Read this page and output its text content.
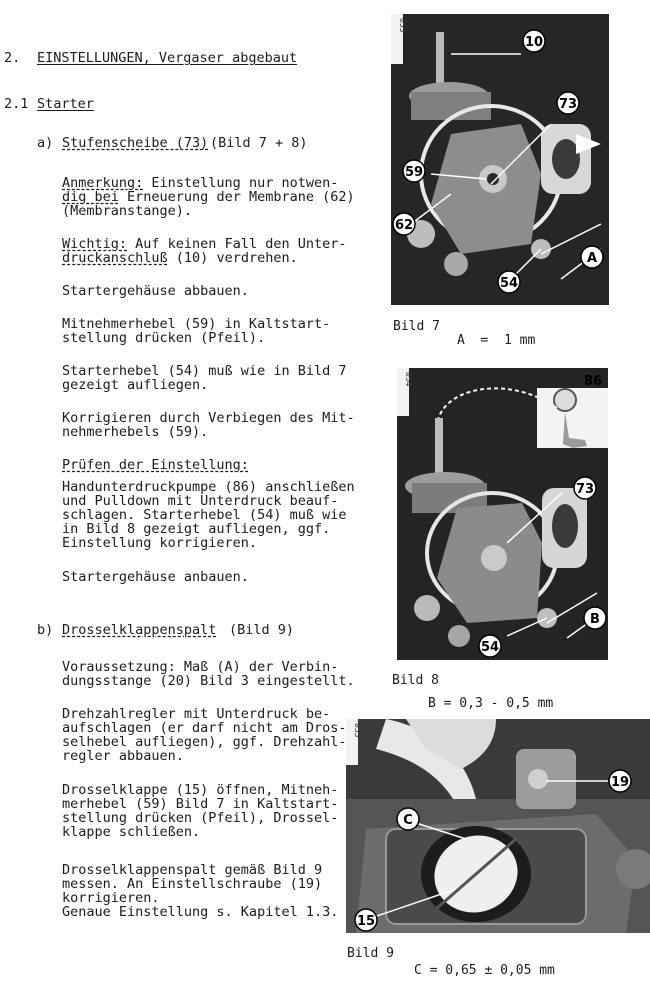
2. EINSTELLUNGEN, Vergaser abgebaut
2.1 Starter
a) Stufenscheibe (73) (Bild 7 + 8)
Anmerkung: Einstellung nur notwen-
dig bei Erneuerung der Membrane (62)
(Membranstange).
Wichtig: Auf keinen Fall den Unter-
druckanschluß (10) verdrehen.
Startergehäuse abbauen.
Mitnehmerhebel (59) in Kaltstart-
stellung drücken (Pfeil).
Starterhebel (54) muß wie in Bild 7
gezeigt aufliegen.
Korrigieren durch Verbiegen des Mit-
nehmerhebels (59).
Prüfen der Einstellung:
Handunterdruckpumpe (86) anschließen
und Pulldown mit Unterdruck beauf-
schlagen. Starterhebel (54) muß wie
in Bild 8 gezeigt aufliegen, ggf.
Einstellung korrigieren.
Startergehäuse anbauen.
b) Drosselklappenspalt (Bild 9)
Voraussetzung: Maß (A) der Verbin-
dungsstange (20) Bild 3 eingestellt.
Drehzahlregler mit Unterdruck be-
aufschlagen (er darf nicht am Dros-
selhebel aufliegen), ggf. Drehzahl-
regler abbauen.
Drosselklappe (15) öffnen, Mitneh-
merhebel (59) Bild 7 in Kaltstart-
stellung drücken (Pfeil), Drossel-
klappe schließen.
Drosselklappenspalt gemäß Bild 9
messen. An Einstellschraube (19)
korrigieren.
Genaue Einstellung s. Kapitel 1.3.
053
10
73
59
62
54
A
Bild 7
A  =  1 mm
054	86
73
B
54
Bild 8
B = 0,3 - 0,5 mm
055
19
C
15
Bild 9
C = 0,65 ± 0,05 mm
